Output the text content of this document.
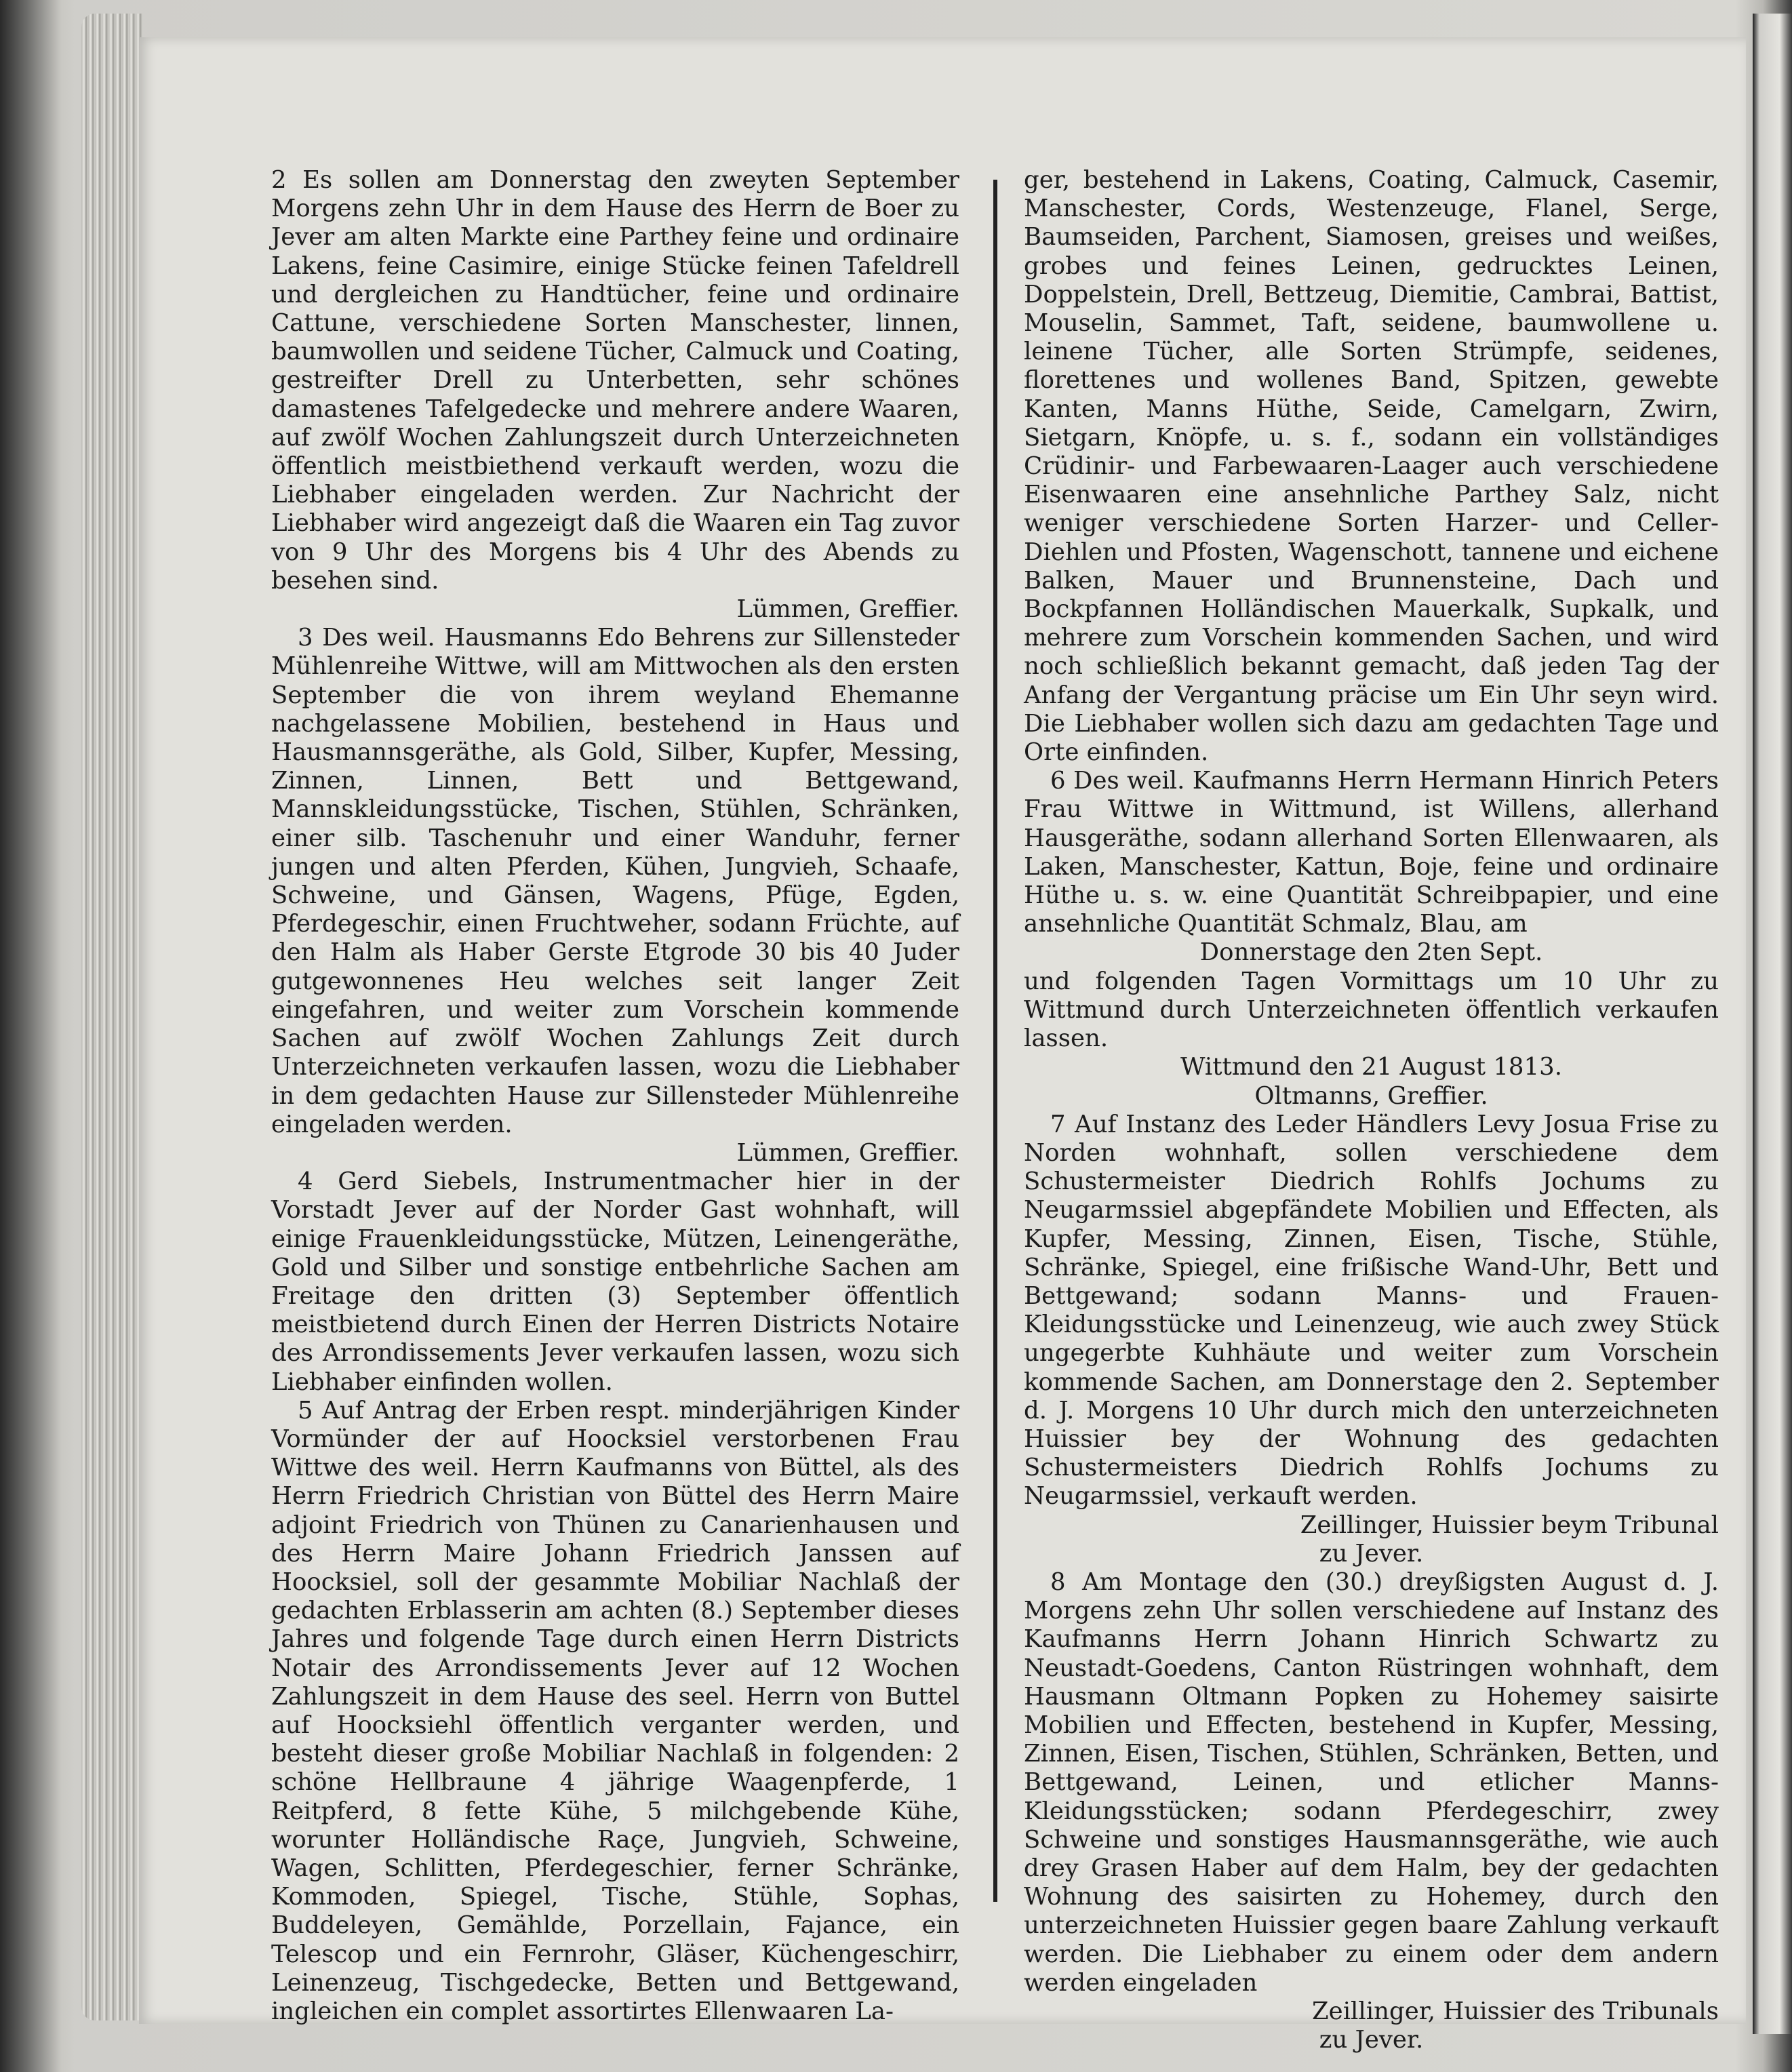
2 Es sollen am Donnerstag den zweyten September Morgens zehn Uhr in dem Hause des Herrn de Boer zu Jever am alten Markte eine Parthey feine und ordinaire Lakens, feine Casimire, einige Stücke feinen Tafeldrell und dergleichen zu Handtücher, feine und ordinaire Cattune, verschiedene Sorten Manschester, linnen, baumwollen und seidene Tücher, Calmuck und Coating, gestreifter Drell zu Unterbetten, sehr schönes damastenes Tafelgedecke und mehrere andere Waaren, auf zwölf Wochen Zahlungszeit durch Unterzeichneten öffentlich meistbiethend verkauft werden, wozu die Liebhaber eingeladen werden. Zur Nachricht der Liebhaber wird angezeigt daß die Waaren ein Tag zuvor von 9 Uhr des Morgens bis 4 Uhr des Abends zu besehen sind.

Lümmen, Greffier.

3 Des weil. Hausmanns Edo Behrens zur Sillensteder Mühlenreihe Wittwe, will am Mittwochen als den ersten September die von ihrem weyland Ehemanne nachgelassene Mobilien, bestehend in Haus und Hausmannsgeräthe, als Gold, Silber, Kupfer, Messing, Zinnen, Linnen, Bett und Bettgewand, Mannskleidungsstücke, Tischen, Stühlen, Schränken, einer silb. Taschenuhr und einer Wanduhr, ferner jungen und alten Pferden, Kühen, Jungvieh, Schaafe, Schweine, und Gänsen, Wagens, Pfüge, Egden, Pferdegeschir, einen Fruchtweher, sodann Früchte, auf den Halm als Haber Gerste Etgrode 30 bis 40 Juder gutgewonnenes Heu welches seit langer Zeit eingefahren, und weiter zum Vorschein kommende Sachen auf zwölf Wochen Zahlungs Zeit durch Unterzeichneten verkaufen lassen, wozu die Liebhaber in dem gedachten Hause zur Sillensteder Mühlenreihe eingeladen werden.

Lümmen, Greffier.

4 Gerd Siebels, Instrumentmacher hier in der Vorstadt Jever auf der Norder Gast wohnhaft, will einige Frauenkleidungsstücke, Mützen, Leinengeräthe, Gold und Silber und sonstige entbehrliche Sachen am Freitage den dritten (3) September öffentlich meistbietend durch Einen der Herren Districts Notaire des Arrondissements Jever verkaufen lassen, wozu sich Liebhaber einfinden wollen.

5 Auf Antrag der Erben respt. minderjährigen Kinder Vormünder der auf Hoocksiel verstorbenen Frau Wittwe des weil. Herrn Kaufmanns von Büttel, als des Herrn Friedrich Christian von Büttel des Herrn Maire adjoint Friedrich von Thünen zu Canarienhausen und des Herrn Maire Johann Friedrich Janssen auf Hoocksiel, soll der gesammte Mobiliar Nachlaß der gedachten Erblasserin am achten (8.) September dieses Jahres und folgende Tage durch einen Herrn Districts Notair des Arrondissements Jever auf 12 Wochen Zahlungszeit in dem Hause des seel. Herrn von Buttel auf Hoocksiehl öffentlich verganter werden, und besteht dieser große Mobiliar Nachlaß in folgenden: 2 schöne Hellbraune 4 jährige Waagenpferde, 1 Reitpferd, 8 fette Kühe, 5 milchgebende Kühe, worunter Holländische Raçe, Jungvieh, Schweine, Wagen, Schlitten, Pferdegeschier, ferner Schränke, Kommoden, Spiegel, Tische, Stühle, Sophas, Buddeleyen, Gemählde, Porzellain, Fajance, ein Telescop und ein Fernrohr, Gläser, Küchengeschirr, Leinenzeug, Tischgedecke, Betten und Bettgewand, ingleichen ein complet assortirtes Ellenwaaren La-

ger, bestehend in Lakens, Coating, Calmuck, Casemir, Manschester, Cords, Westenzeuge, Flanel, Serge, Baumseiden, Parchent, Siamosen, greises und weißes, grobes und feines Leinen, gedrucktes Leinen, Doppelstein, Drell, Bettzeug, Diemitie, Cambrai, Battist, Mouselin, Sammet, Taft, seidene, baumwollene u. leinene Tücher, alle Sorten Strümpfe, seidenes, florettenes und wollenes Band, Spitzen, gewebte Kanten, Manns Hüthe, Seide, Camelgarn, Zwirn, Sietgarn, Knöpfe, u. s. f., sodann ein vollständiges Crüdinir- und Farbewaaren-Laager auch verschiedene Eisenwaaren eine ansehnliche Parthey Salz, nicht weniger verschiedene Sorten Harzer- und Celler-Diehlen und Pfosten, Wagenschott, tannene und eichene Balken, Mauer und Brunnensteine, Dach und Bockpfannen Holländischen Mauerkalk, Supkalk, und mehrere zum Vorschein kommenden Sachen, und wird noch schließlich bekannt gemacht, daß jeden Tag der Anfang der Vergantung präcise um Ein Uhr seyn wird. Die Liebhaber wollen sich dazu am gedachten Tage und Orte einfinden.

6 Des weil. Kaufmanns Herrn Hermann Hinrich Peters Frau Wittwe in Wittmund, ist Willens, allerhand Hausgeräthe, sodann allerhand Sorten Ellenwaaren, als Laken, Manschester, Kattun, Boje, feine und ordinaire Hüthe u. s. w. eine Quantität Schreibpapier, und eine ansehnliche Quantität Schmalz, Blau, am

Donnerstage den 2ten Sept.

und folgenden Tagen Vormittags um 10 Uhr zu Wittmund durch Unterzeichneten öffentlich verkaufen lassen.

Wittmund den 21 August 1813.
Oltmanns, Greffier.

7 Auf Instanz des Leder Händlers Levy Josua Frise zu Norden wohnhaft, sollen verschiedene dem Schustermeister Diedrich Rohlfs Jochums zu Neugarmssiel abgepfändete Mobilien und Effecten, als Kupfer, Messing, Zinnen, Eisen, Tische, Stühle, Schränke, Spiegel, eine frißische Wand-Uhr, Bett und Bettgewand; sodann Manns- und Frauen-Kleidungsstücke und Leinenzeug, wie auch zwey Stück ungegerbte Kuhhäute und weiter zum Vorschein kommende Sachen, am Donnerstage den 2. September d. J. Morgens 10 Uhr durch mich den unterzeichneten Huissier bey der Wohnung des gedachten Schustermeisters Diedrich Rohlfs Jochums zu Neugarmssiel, verkauft werden.

Zeillinger, Huissier beym Tribunal
zu Jever.

8 Am Montage den (30.) dreyßigsten August d. J. Morgens zehn Uhr sollen verschiedene auf Instanz des Kaufmanns Herrn Johann Hinrich Schwartz zu Neustadt-Goedens, Canton Rüstringen wohnhaft, dem Hausmann Oltmann Popken zu Hohemey saisirte Mobilien und Effecten, bestehend in Kupfer, Messing, Zinnen, Eisen, Tischen, Stühlen, Schränken, Betten, und Bettgewand, Leinen, und etlicher Manns-Kleidungsstücken; sodann Pferdegeschirr, zwey Schweine und sonstiges Hausmannsgeräthe, wie auch drey Grasen Haber auf dem Halm, bey der gedachten Wohnung des saisirten zu Hohemey, durch den unterzeichneten Huissier gegen baare Zahlung verkauft werden. Die Liebhaber zu einem oder dem andern werden eingeladen

Zeillinger, Huissier des Tribunals
zu Jever.
